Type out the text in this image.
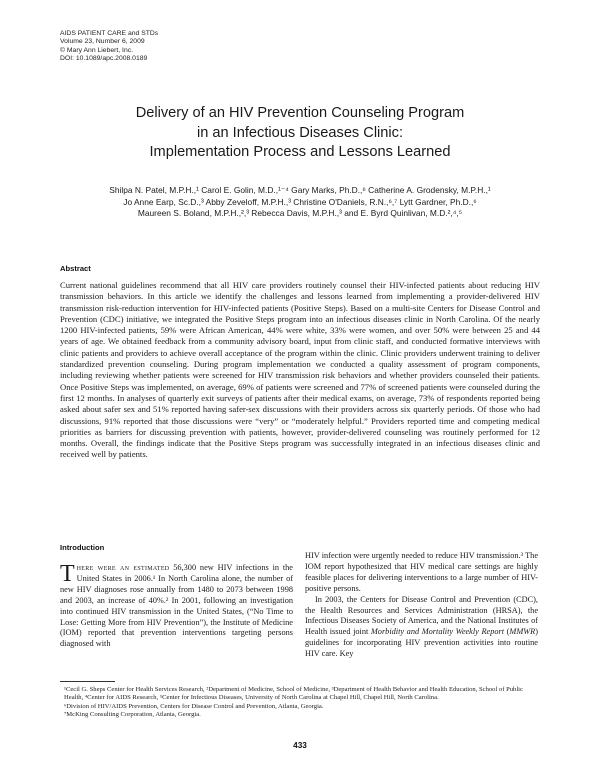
AIDS PATIENT CARE and STDs
Volume 23, Number 6, 2009
© Mary Ann Liebert, Inc.
DOI: 10.1089/apc.2008.0189
Delivery of an HIV Prevention Counseling Program
in an Infectious Diseases Clinic:
Implementation Process and Lessons Learned
Shilpa N. Patel, M.P.H.,¹ Carol E. Golin, M.D.,¹⁻⁴ Gary Marks, Ph.D.,⁶ Catherine A. Grodensky, M.P.H.,¹
Jo Anne Earp, Sc.D.,³ Abby Zeveloff, M.P.H.,³ Christine O'Daniels, R.N.,⁶,⁷ Lytt Gardner, Ph.D.,⁶
Maureen S. Boland, M.P.H.,²,³ Rebecca Davis, M.P.H.,³ and E. Byrd Quinlivan, M.D.²,⁴,⁵
Abstract
Current national guidelines recommend that all HIV care providers routinely counsel their HIV-infected patients about reducing HIV transmission behaviors. In this article we identify the challenges and lessons learned from implementing a provider-delivered HIV transmission risk-reduction intervention for HIV-infected patients (Positive Steps). Based on a multi-site Centers for Disease Control and Prevention (CDC) initiative, we integrated the Positive Steps program into an infectious diseases clinic in North Carolina. Of the nearly 1200 HIV-infected patients, 59% were African American, 44% were white, 33% were women, and over 50% were between 25 and 44 years of age. We obtained feedback from a community advisory board, input from clinic staff, and conducted formative interviews with clinic patients and providers to achieve overall acceptance of the program within the clinic. Clinic providers underwent training to deliver standardized prevention counseling. During program implementation we conducted a quality assessment of program components, including reviewing whether patients were screened for HIV transmission risk behaviors and whether providers counseled their patients. Once Positive Steps was implemented, on average, 69% of patients were screened and 77% of screened patients were counseled during the first 12 months. In analyses of quarterly exit surveys of patients after their medical exams, on average, 73% of respondents reported being asked about safer sex and 51% reported having safer-sex discussions with their providers across six quarterly periods. Of those who had discussions, 91% reported that those discussions were “very” or “moderately helpful.” Providers reported time and competing medical priorities as barriers for discussing prevention with patients, however, provider-delivered counseling was routinely performed for 12 months. Overall, the findings indicate that the Positive Steps program was successfully integrated in an infectious diseases clinic and received well by patients.
Introduction

There were an estimated 56,300 new HIV infections in the United States in 2006.¹ In North Carolina alone, the number of new HIV diagnoses rose annually from 1480 to 2073 between 1998 and 2003, an increase of 40%.² In 2001, following an investigation into continued HIV transmission in the United States, (“No Time to Lose: Getting More from HIV Prevention”), the Institute of Medicine (IOM) reported that prevention interventions targeting persons diagnosed with

HIV infection were urgently needed to reduce HIV transmission.³ The IOM report hypothesized that HIV medical care settings are highly feasible places for delivering interventions to a large number of HIV-positive persons.

In 2003, the Centers for Disease Control and Prevention (CDC), the Health Resources and Services Administration (HRSA), the Infectious Diseases Society of America, and the National Institutes of Health issued joint Morbidity and Mortality Weekly Report (MMWR) guidelines for incorporating HIV prevention activities into routine HIV care. Key

¹Cecil G. Sheps Center for Health Services Research, ²Department of Medicine, School of Medicine, ³Department of Health Behavior and Health Education, School of Public Health, ⁴Center for AIDS Research, ⁵Center for Infectious Diseases, University of North Carolina at Chapel Hill, Chapel Hill, North Carolina.
⁶Division of HIV/AIDS Prevention, Centers for Disease Control and Prevention, Atlanta, Georgia.
⁷McKing Consulting Corporation, Atlanta, Georgia.
433
